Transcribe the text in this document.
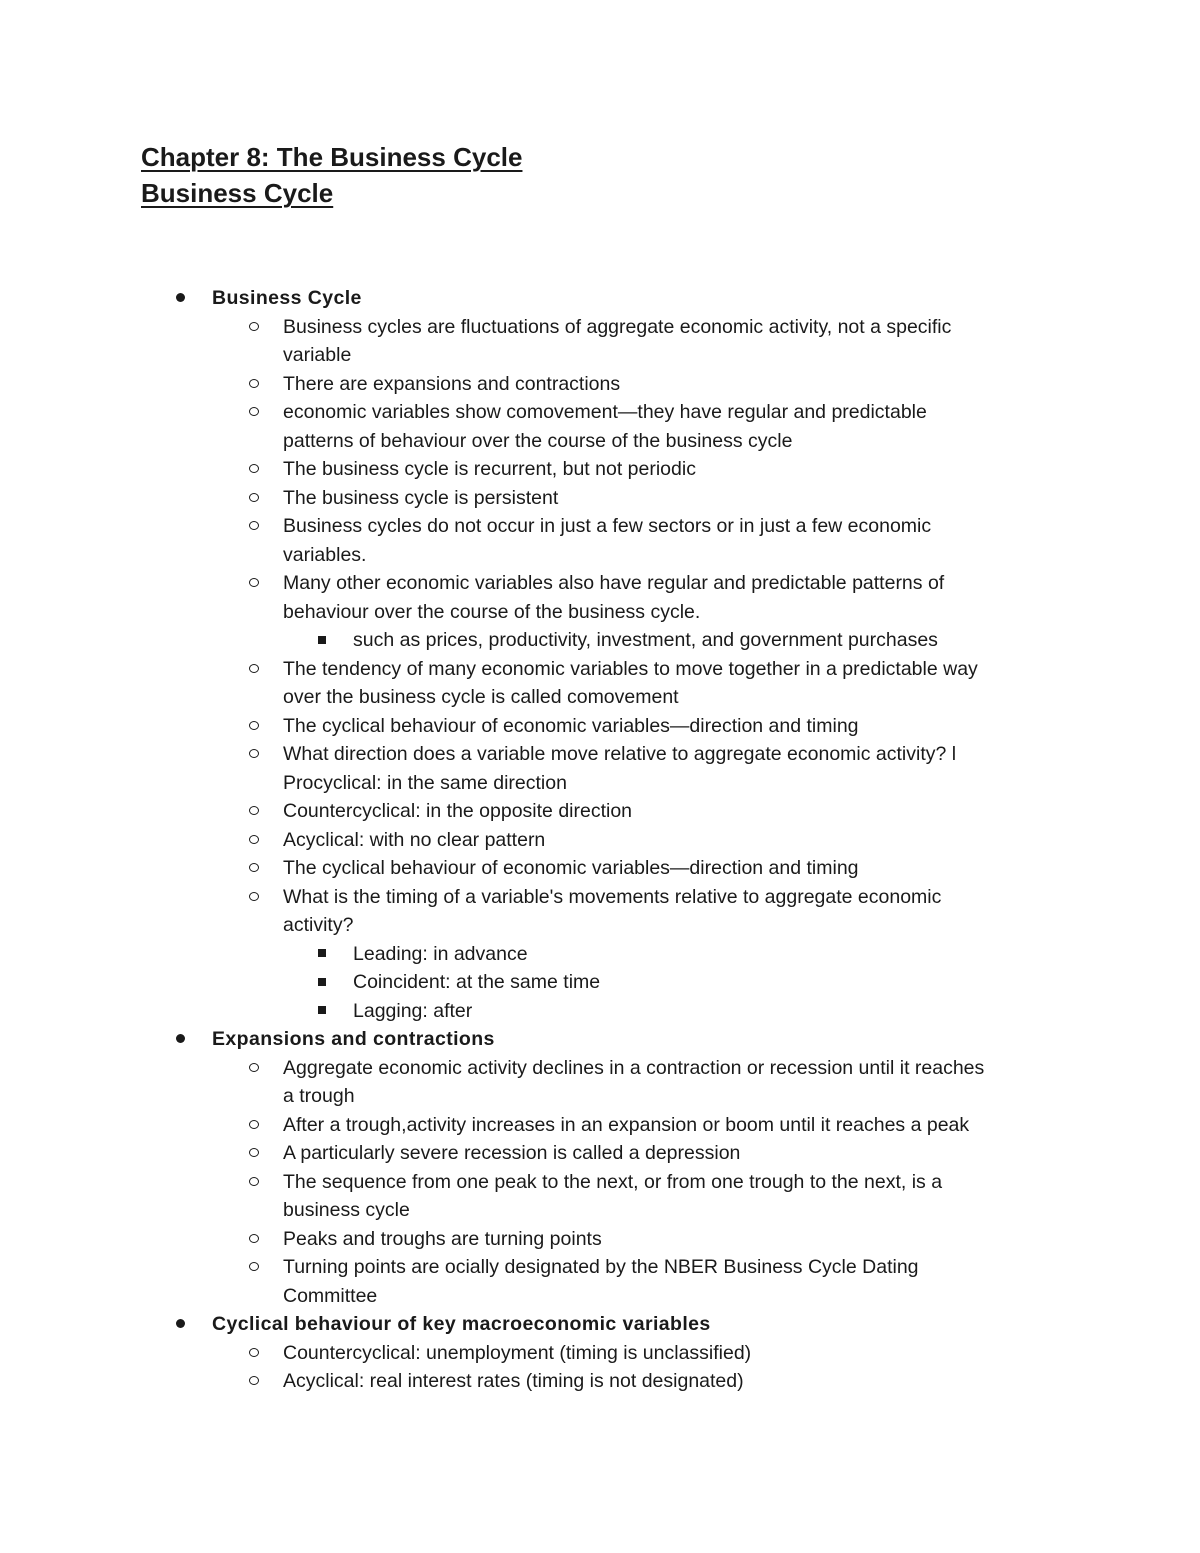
Chapter 8: The Business Cycle
Business Cycle
Business Cycle
Business cycles are fluctuations of aggregate economic activity, not a specific
variable
There are expansions and contractions
economic variables show comovement—they have regular and predictable
patterns of behaviour over the course of the business cycle
The business cycle is recurrent, but not periodic
The business cycle is persistent
Business cycles do not occur in just a few sectors or in just a few economic
variables.
Many other economic variables also have regular and predictable patterns of
behaviour over the course of the business cycle.
such as prices, productivity, investment, and government purchases
The tendency of many economic variables to move together in a predictable way
over the business cycle is called comovement
The cyclical behaviour of economic variables—direction and timing
What direction does a variable move relative to aggregate economic activity? l
Procyclical: in the same direction
Countercyclical: in the opposite direction
Acyclical: with no clear pattern
The cyclical behaviour of economic variables—direction and timing
What is the timing of a variable's movements relative to aggregate economic
activity?
Leading: in advance
Coincident: at the same time
Lagging: after
Expansions and contractions
Aggregate economic activity declines in a contraction or recession until it reaches
a trough
After a trough,activity increases in an expansion or boom until it reaches a peak
A particularly severe recession is called a depression
The sequence from one peak to the next, or from one trough to the next, is a
business cycle
Peaks and troughs are turning points
Turning points are ocially designated by the NBER Business Cycle Dating
Committee
Cyclical behaviour of key macroeconomic variables
Countercyclical: unemployment (timing is unclassified)
Acyclical: real interest rates (timing is not designated)
